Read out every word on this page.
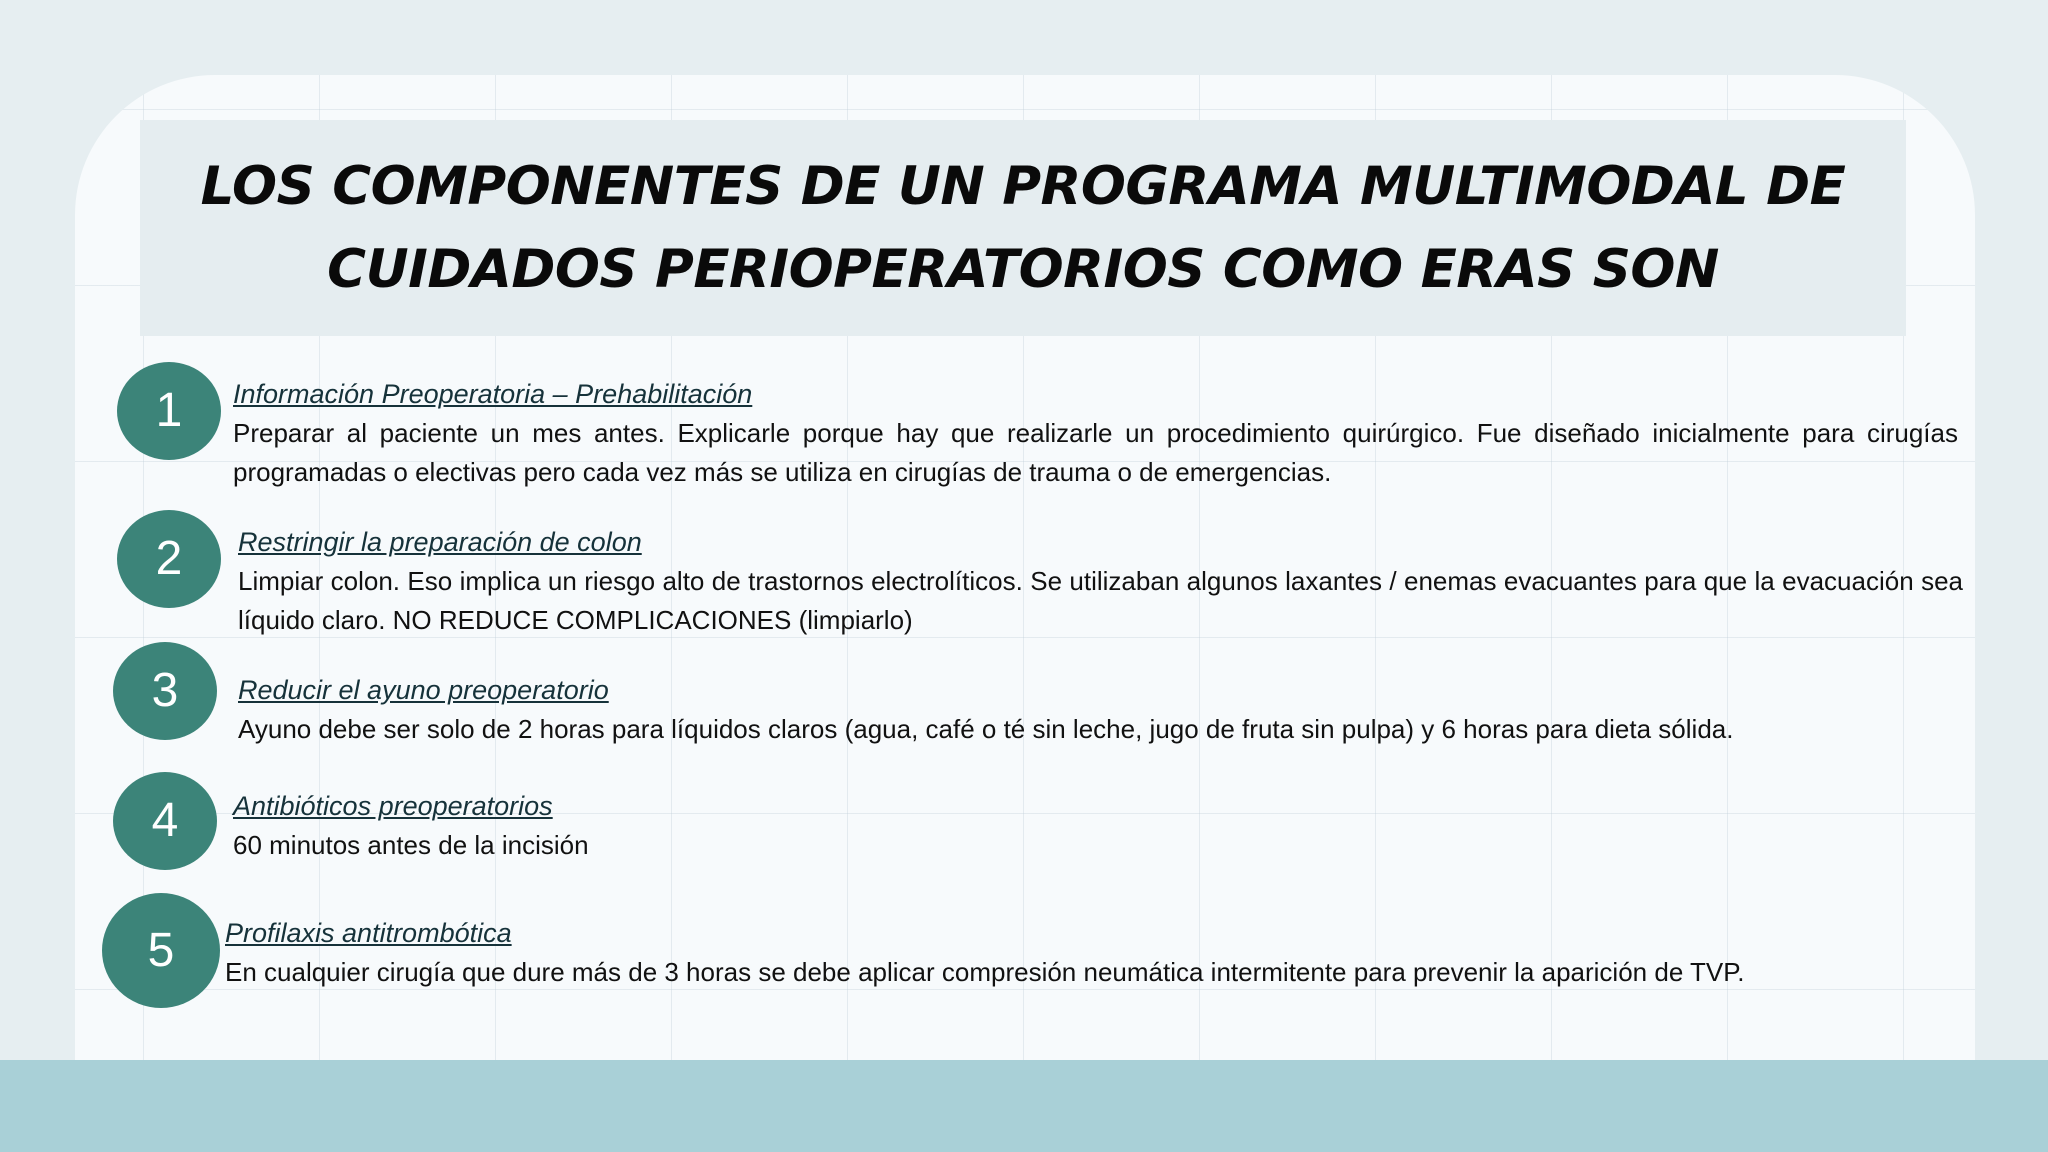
LOS COMPONENTES DE UN PROGRAMA MULTIMODAL DE
CUIDADOS PERIOPERATORIOS COMO ERAS SON
1	Información Preoperatoria – Prehabilitación

Preparar al paciente un mes antes. Explicarle porque hay que realizarle un procedimiento quirúrgico. Fue diseñado inicialmente para cirugías programadas o electivas pero cada vez más se utiliza en cirugías de trauma o de emergencias.

2	Restringir la preparación de colon

Limpiar colon. Eso implica un riesgo alto de trastornos electrolíticos. Se utilizaban algunos laxantes / enemas evacuantes para que la evacuación sea líquido claro. NO REDUCE COMPLICACIONES (limpiarlo)

3	Reducir el ayuno preoperatorio

Ayuno debe ser solo de 2 horas para líquidos claros (agua, café o té sin leche, jugo de fruta sin pulpa) y 6 horas para dieta sólida.

4	Antibióticos preoperatorios

60 minutos antes de la incisión

5	Profilaxis antitrombótica

En cualquier cirugía que dure más de 3 horas se debe aplicar compresión neumática intermitente para prevenir la aparición de TVP.
